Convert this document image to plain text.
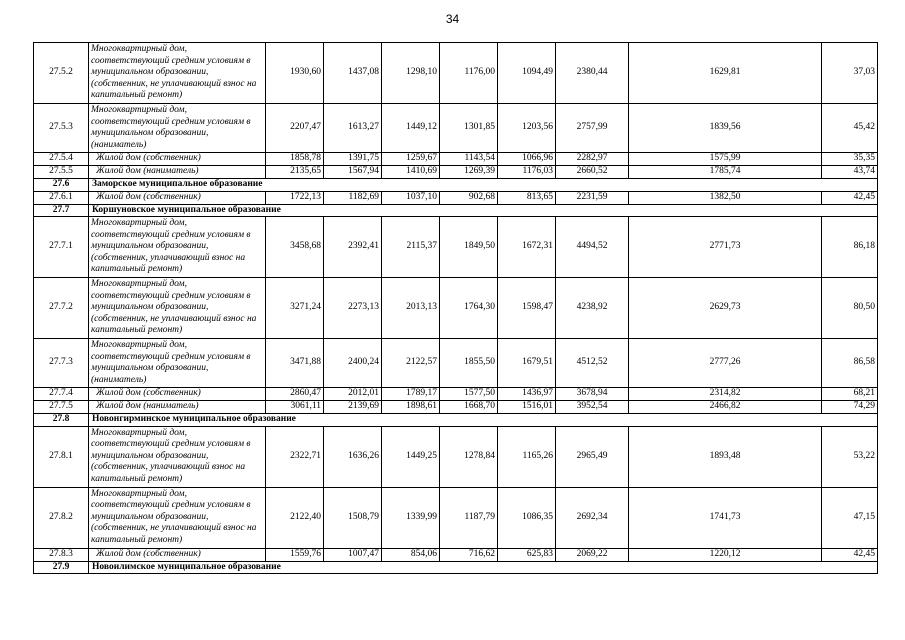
34
27.5.2	Многоквартирный дом, соответствующий средним условиям в муниципальном образовании, (собственник, не уплачивающий взнос на капитальный ремонт)	1930,60	1437,08	1298,10	1176,00	1094,49	2380,44	1629,81	37,03
27.5.3	Многоквартирный дом, соответствующий средним условиям в муниципальном образовании, (наниматель)	2207,47	1613,27	1449,12	1301,85	1203,56	2757,99	1839,56	45,42
27.5.4	Жилой дом (собственник)	1858,78	1391,75	1259,67	1143,54	1066,96	2282,97	1575,99	35,35
27.5.5	Жилой дом (наниматель)	2135,65	1567,94	1410,69	1269,39	1176,03	2660,52	1785,74	43,74
27.6	Заморское муниципальное образование								
27.6.1	Жилой дом (собственник)	1722,13	1182,69	1037,10	902,68	813,65	2231,59	1382,50	42,45
27.7	Коршуновское муниципальное образование								
27.7.1	Многоквартирный дом, соответствующий средним условиям в муниципальном образовании, (собственник, уплачивающий взнос на капитальный ремонт)	3458,68	2392,41	2115,37	1849,50	1672,31	4494,52	2771,73	86,18
27.7.2	Многоквартирный дом, соответствующий средним условиям в муниципальном образовании, (собственник, не уплачивающий взнос на капитальный ремонт)	3271,24	2273,13	2013,13	1764,30	1598,47	4238,92	2629,73	80,50
27.7.3	Многоквартирный дом, соответствующий средним условиям в муниципальном образовании, (наниматель)	3471,88	2400,24	2122,57	1855,50	1679,51	4512,52	2777,26	86,58
27.7.4	Жилой дом (собственник)	2860,47	2012,01	1789,17	1577,50	1436,97	3678,94	2314,82	68,21
27.7.5	Жилой дом (наниматель)	3061,11	2139,69	1898,61	1668,70	1516,01	3952,54	2466,82	74,29
27.8	Новонгирминское муниципальное образование								
27.8.1	Многоквартирный дом, соответствующий средним условиям в муниципальном образовании, (собственник, уплачивающий взнос на капитальный ремонт)	2322,71	1636,26	1449,25	1278,84	1165,26	2965,49	1893,48	53,22
27.8.2	Многоквартирный дом, соответствующий средним условиям в муниципальном образовании, (собственник, не уплачивающий взнос на капитальный ремонт)	2122,40	1508,79	1339,99	1187,79	1086,35	2692,34	1741,73	47,15
27.8.3	Жилой дом (собственник)	1559,76	1007,47	854,06	716,62	625,83	2069,22	1220,12	42,45
27.9	Новоилимское муниципальное образование								
